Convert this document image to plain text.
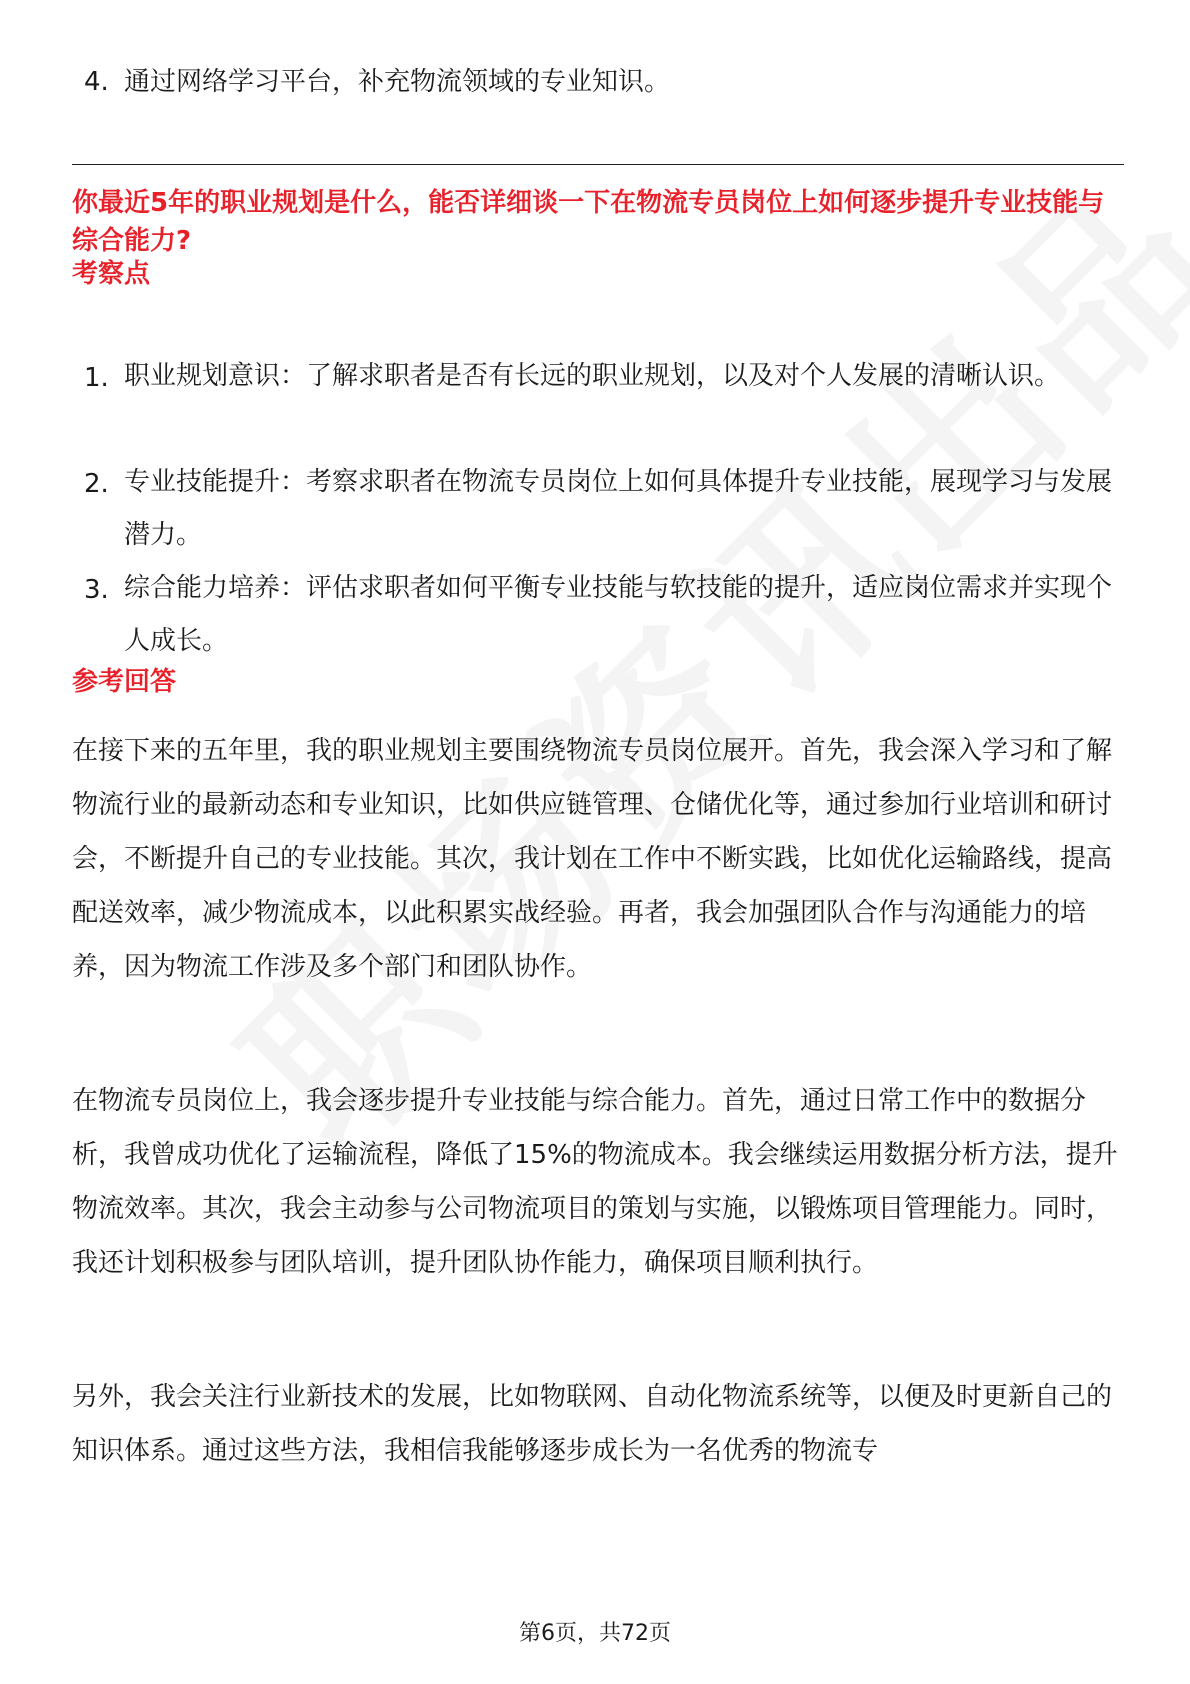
4. 通过网络学习平台，补充物流领域的专业知识。
你最近5年的职业规划是什么，能否详细谈一下在物流专员岗位上如何逐步提升专业技能与综合能力?
考察点
1. 职业规划意识：了解求职者是否有长远的职业规划，以及对个人发展的清晰认识。
2. 专业技能提升：考察求职者在物流专员岗位上如何具体提升专业技能，展现学习与发展潜力。
3. 综合能力培养：评估求职者如何平衡专业技能与软技能的提升，适应岗位需求并实现个人成长。
参考回答

在接下来的五年里，我的职业规划主要围绕物流专员岗位展开。首先，我会深入学习和了解物流行业的最新动态和专业知识，比如供应链管理、仓储优化等，通过参加行业培训和研讨会，不断提升自己的专业技能。其次，我计划在工作中不断实践，比如优化运输路线，提高配送效率，减少物流成本，以此积累实战经验。再者，我会加强团队合作与沟通能力的培养，因为物流工作涉及多个部门和团队协作。

在物流专员岗位上，我会逐步提升专业技能与综合能力。首先，通过日常工作中的数据分析，我曾成功优化了运输流程，降低了15%的物流成本。我会继续运用数据分析方法，提升物流效率。其次，我会主动参与公司物流项目的策划与实施，以锻炼项目管理能力。同时，我还计划积极参与团队培训，提升团队协作能力，确保项目顺利执行。

另外，我会关注行业新技术的发展，比如物联网、自动化物流系统等，以便及时更新自己的知识体系。通过这些方法，我相信我能够逐步成长为一名优秀的物流专

第6页，共72页
